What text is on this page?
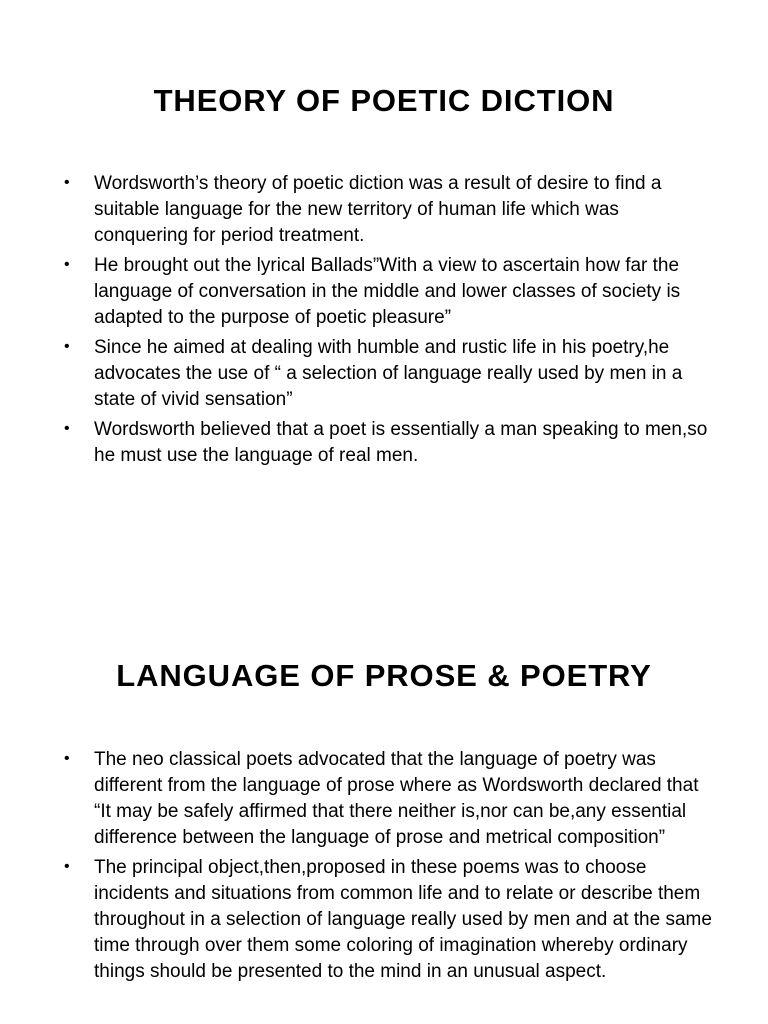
THEORY OF POETIC DICTION
• Wordsworth’s theory of poetic diction was a result of desire to find a suitable language for the new territory of human life which was conquering for period treatment.
• He brought out the lyrical Ballads”With a view to ascertain how far the language of conversation in the middle and lower classes of society is adapted to the purpose of poetic pleasure”
• Since he aimed at dealing with humble and rustic life in his poetry,he advocates the use of “ a selection of language really used by men in a state of vivid sensation”
• Wordsworth believed that a poet is essentially a man speaking to men,so he must use the language of real men.
LANGUAGE OF PROSE & POETRY
• The neo classical poets advocated that the language of poetry was different from the language of prose where as Wordsworth declared that “It may be safely affirmed that there neither is,nor can be,any essential difference between the language of prose and metrical composition”
• The principal object,then,proposed in these poems was to choose incidents and situations from common life and to relate or describe them throughout in a selection of language really used by men and at the same time through over them some coloring of imagination whereby ordinary things should be presented to the mind in an unusual aspect.
